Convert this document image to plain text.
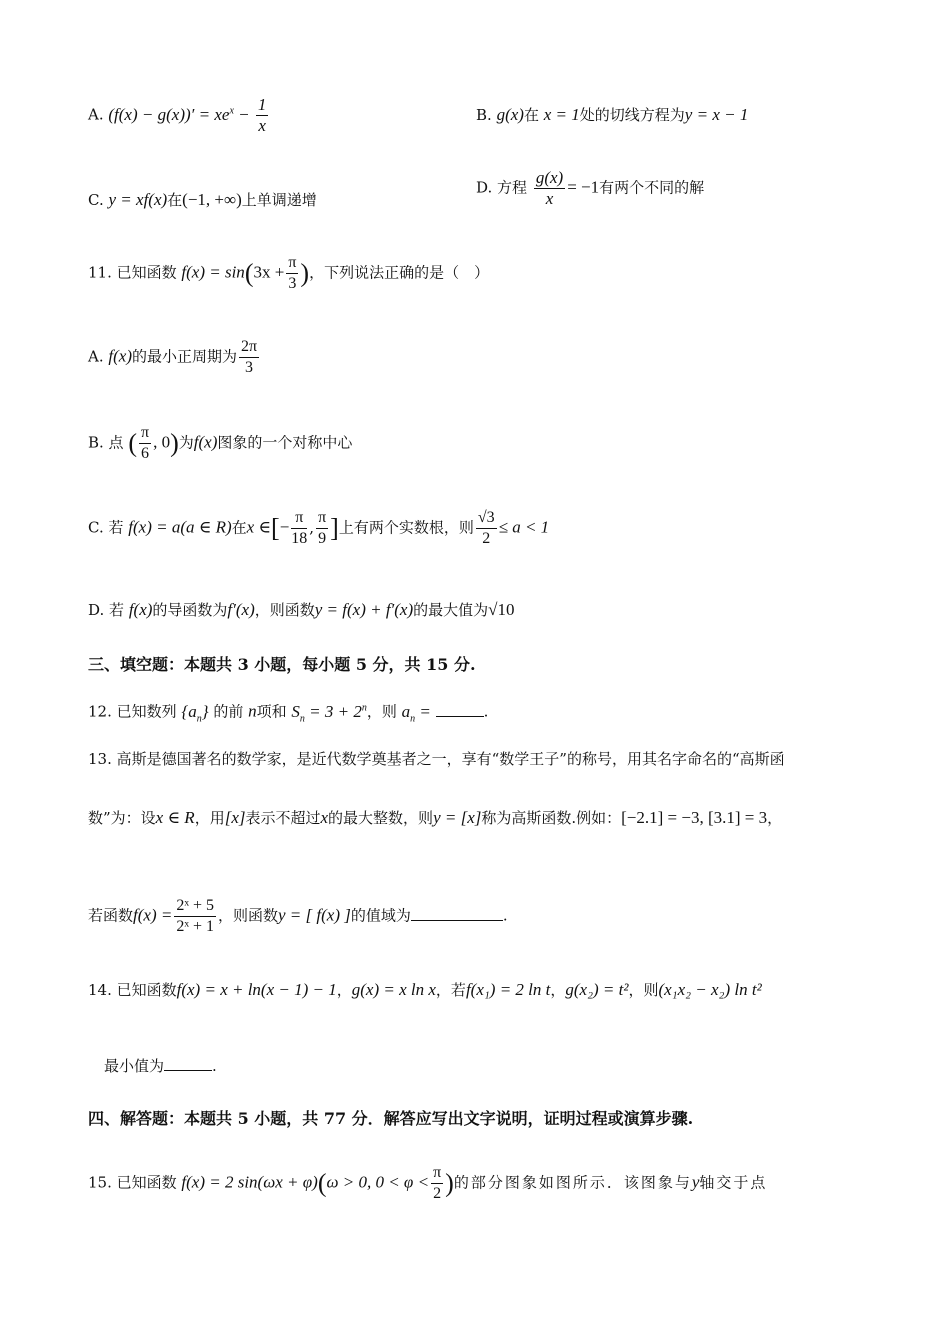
A. $(f(x) - g(x))' = xe^x - \frac{1}{x}$	B. g(x)在 x = 1处的切线方程为y = x − 1
C. y = xf(x)在(−1, +∞)上单调递增
D. 方程 $\frac{g(x)}{x} = -1$有两个不同的解
11. 已知函数 $f(x) = \sin(3x + \frac{\pi}{3}$ )，下列说法正确的是（　）
A. f(x)的最小正周期为 $\frac{2\pi}{3}$
B. 点 ( $\frac{\pi}{6}$ , 0)为f(x)图象的一个对称中心
C. 若 f(x) = a(a ∈ R)在x ∈[− $\frac{\pi}{18}$ , $\frac{\pi}{9}$ ]上有两个实数根，则 $\frac{√3}{2} \le a < 1$
D. 若 f(x)的导函数为f′(x)，则函数y = f(x) + f′(x)的最大值为√10
三、填空题：本题共 3 小题，每小题 5 分，共 15 分.
12. 已知数列 $\{a_n\}$ 的前 n项和 $S_n = 3 + 2^n$，则 $a_n$ =	.
13. 高斯是德国著名的数学家，是近代数学奠基者之一，享有“数学王子”的称号，用其名字命名的“高斯函
数”为：设x ∈ R，用[x]表示不超过x的最大整数，则y = [x]称为高斯函数.例如：[−2.1] = −3, [3.1] = 3，
若函数$f(x) = \frac{\text{2ˣ + 5}}{\text{2ˣ + 1}}$ ，则函数y = [ f(x) ]的值域为	.
14. 已知函数f(x) = x + ln(x − 1) − 1，g(x) = x ln x，若f(x₁) = 2 ln t，g(x₂) = t²，则(x₁x₂ − x₂) ln t²
最小值为	.
四、解答题：本题共 5 小题，共 77 分．解答应写出文字说明，证明过程或演算步骤.
15. 已知函数 f(x) = 2 sin(ωx + φ)(ω > 0, $0 < \varphi < \frac{\pi}{2}$ )的部分图象如图所示．该图象与y轴交于点
